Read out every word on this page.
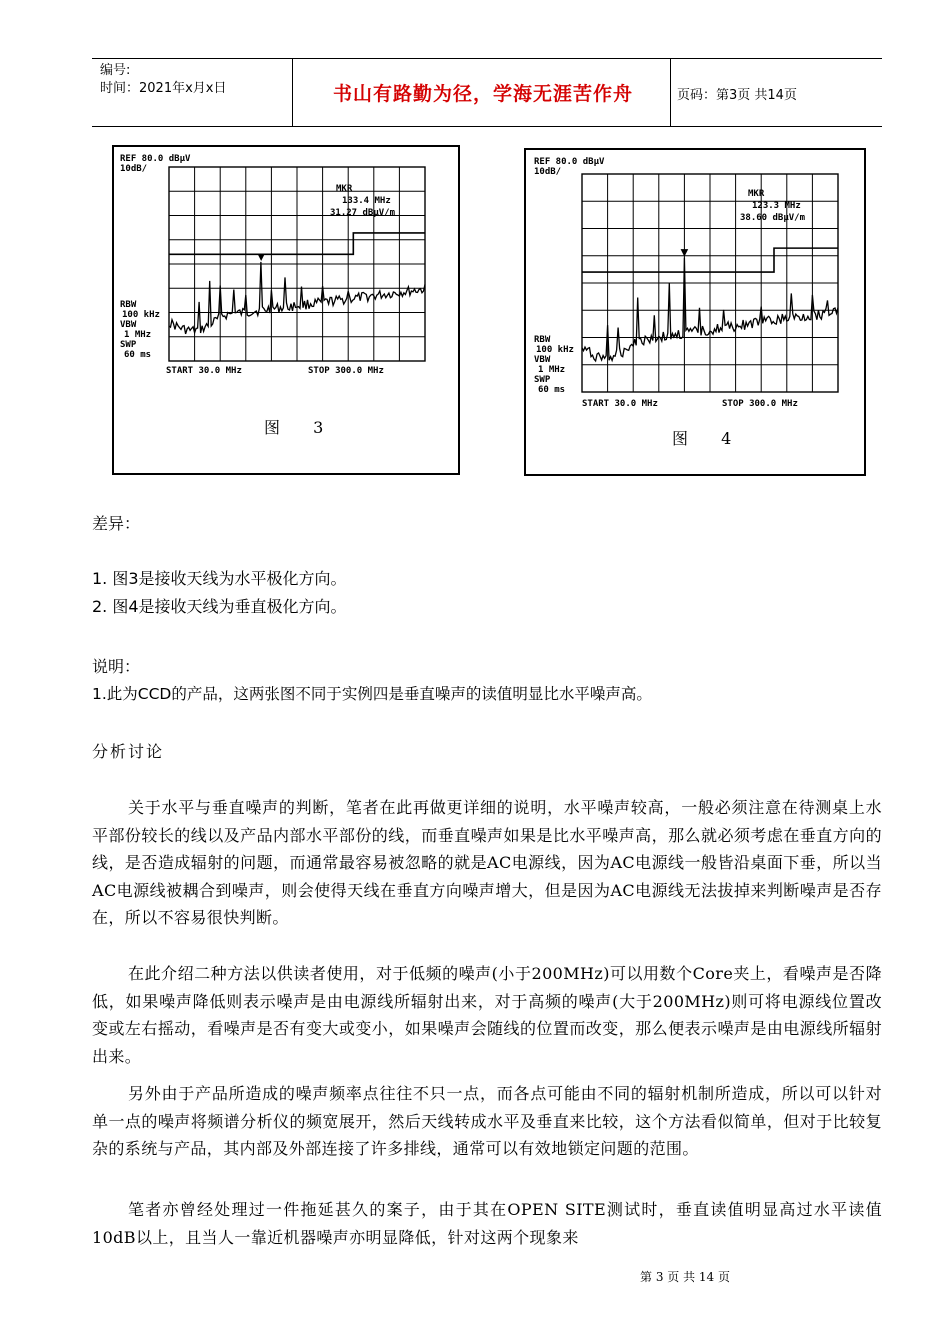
编号:
时间：2021年x月x日	书山有路勤为径，学海无涯苦作舟	页码：第3页 共14页
REF 80.0 dBμV
10dB/
MKR
133.4 MHz
31.27 dBμV/m
RBW
100 kHz
VBW
1 MHz
SWP
60 ms
START 30.0 MHz	STOP 300.0 MHz
图 3
REF 80.0 dBμV
10dB/
MKR
123.3 MHz
38.60 dBμV/m
RBW
100 kHz
VBW
1 MHz
SWP
60 ms
START 30.0 MHz	STOP 300.0 MHz
图 4
差异：
1. 图3是接收天线为水平极化方向。
2. 图4是接收天线为垂直极化方向。
说明：
1.此为CCD的产品，这两张图不同于实例四是垂直噪声的读值明显比水平噪声高。
分析讨论
关于水平与垂直噪声的判断，笔者在此再做更详细的说明，水平噪声较高，一般必须注意在待测桌上水平部份较长的线以及产品内部水平部份的线，而垂直噪声如果是比水平噪声高，那么就必须考虑在垂直方向的线，是否造成辐射的问题，而通常最容易被忽略的就是AC电源线，因为AC电源线一般皆沿桌面下垂，所以当AC电源线被耦合到噪声，则会使得天线在垂直方向噪声增大，但是因为AC电源线无法拔掉来判断噪声是否存在，所以不容易很快判断。
在此介绍二种方法以供读者使用，对于低频的噪声(小于200MHz)可以用数个Core夹上，看噪声是否降低，如果噪声降低则表示噪声是由电源线所辐射出来，对于高频的噪声(大于200MHz)则可将电源线位置改变或左右摇动，看噪声是否有变大或变小，如果噪声会随线的位置而改变，那么便表示噪声是由电源线所辐射出来。
另外由于产品所造成的噪声频率点往往不只一点，而各点可能由不同的辐射机制所造成，所以可以针对单一点的噪声将频谱分析仪的频宽展开，然后天线转成水平及垂直来比较，这个方法看似简单，但对于比较复杂的系统与产品，其内部及外部连接了许多排线，通常可以有效地锁定问题的范围。
笔者亦曾经处理过一件拖延甚久的案子，由于其在OPEN SITE测试时，垂直读值明显高过水平读值10dB以上，且当人一靠近机器噪声亦明显降低，针对这两个现象来
第 3 页 共 14 页
